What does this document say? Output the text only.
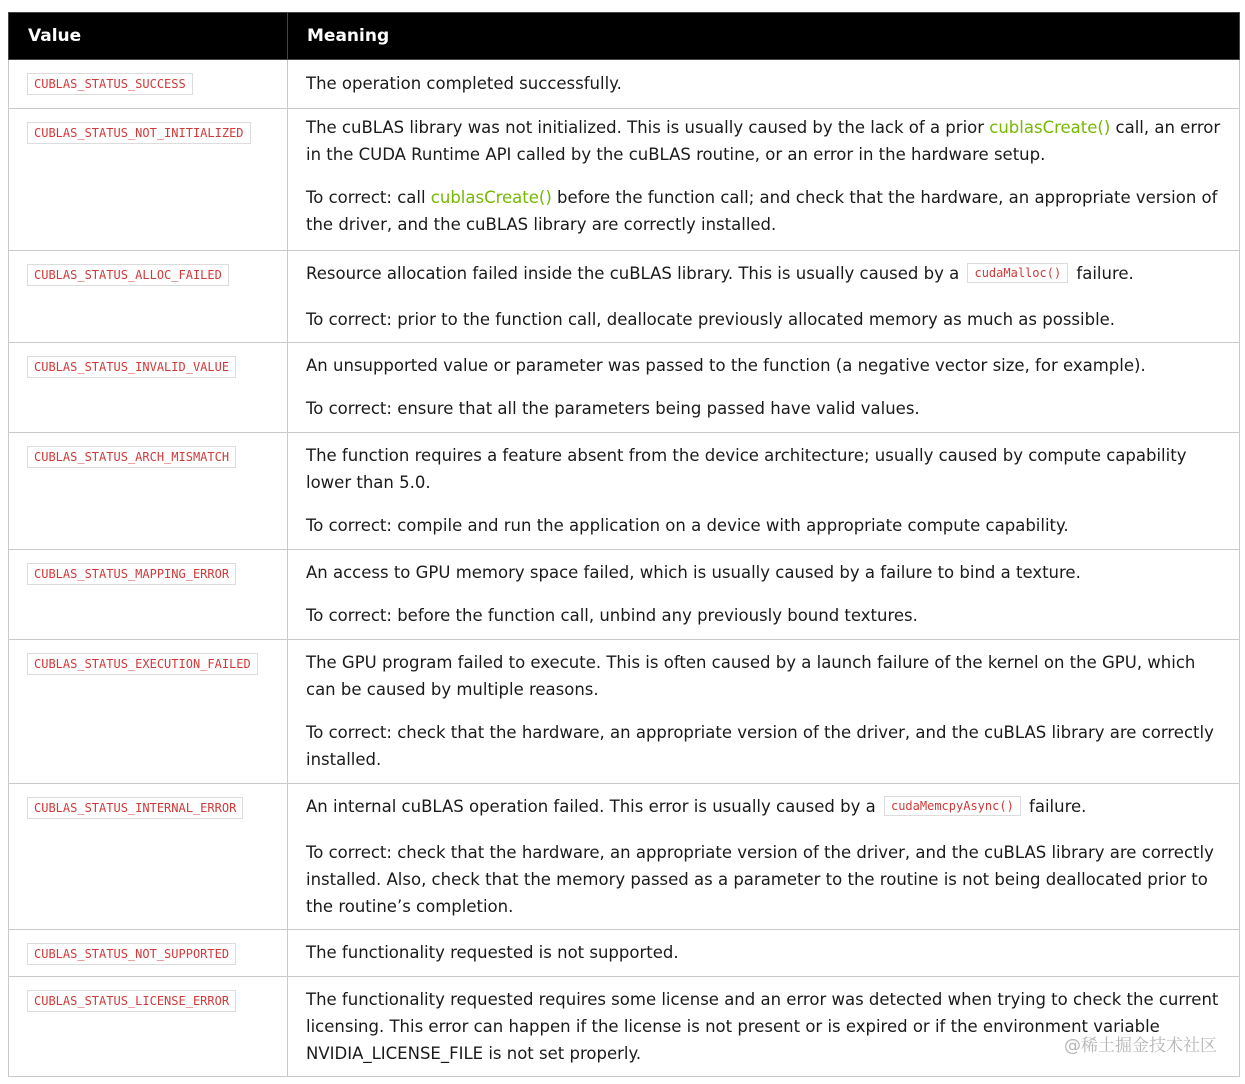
Value	Meaning
CUBLAS_STATUS_SUCCESS	The operation completed successfully.

CUBLAS_STATUS_NOT_INITIALIZED	The cuBLAS library was not initialized. This is usually caused by the lack of a prior cublasCreate() call, an error in the CUDA Runtime API called by the cuBLAS routine, or an error in the hardware setup.
To correct: call cublasCreate() before the function call; and check that the hardware, an appropriate version of the driver, and the cuBLAS library are correctly installed.

CUBLAS_STATUS_ALLOC_FAILED	Resource allocation failed inside the cuBLAS library. This is usually caused by a cudaMalloc() failure.
To correct: prior to the function call, deallocate previously allocated memory as much as possible.

CUBLAS_STATUS_INVALID_VALUE	An unsupported value or parameter was passed to the function (a negative vector size, for example).
To correct: ensure that all the parameters being passed have valid values.

CUBLAS_STATUS_ARCH_MISMATCH	The function requires a feature absent from the device architecture; usually caused by compute capability lower than 5.0.
To correct: compile and run the application on a device with appropriate compute capability.

CUBLAS_STATUS_MAPPING_ERROR	An access to GPU memory space failed, which is usually caused by a failure to bind a texture.
To correct: before the function call, unbind any previously bound textures.

CUBLAS_STATUS_EXECUTION_FAILED	The GPU program failed to execute. This is often caused by a launch failure of the kernel on the GPU, which can be caused by multiple reasons.
To correct: check that the hardware, an appropriate version of the driver, and the cuBLAS library are correctly installed.

CUBLAS_STATUS_INTERNAL_ERROR	An internal cuBLAS operation failed. This error is usually caused by a cudaMemcpyAsync() failure.
To correct: check that the hardware, an appropriate version of the driver, and the cuBLAS library are correctly installed. Also, check that the memory passed as a parameter to the routine is not being deallocated prior to the routine’s completion.

CUBLAS_STATUS_NOT_SUPPORTED	The functionality requested is not supported.

CUBLAS_STATUS_LICENSE_ERROR	The functionality requested requires some license and an error was detected when trying to check the current licensing. This error can happen if the license is not present or is expired or if the environment variable NVIDIA_LICENSE_FILE is not set properly.	@稀土掘金技术社区
